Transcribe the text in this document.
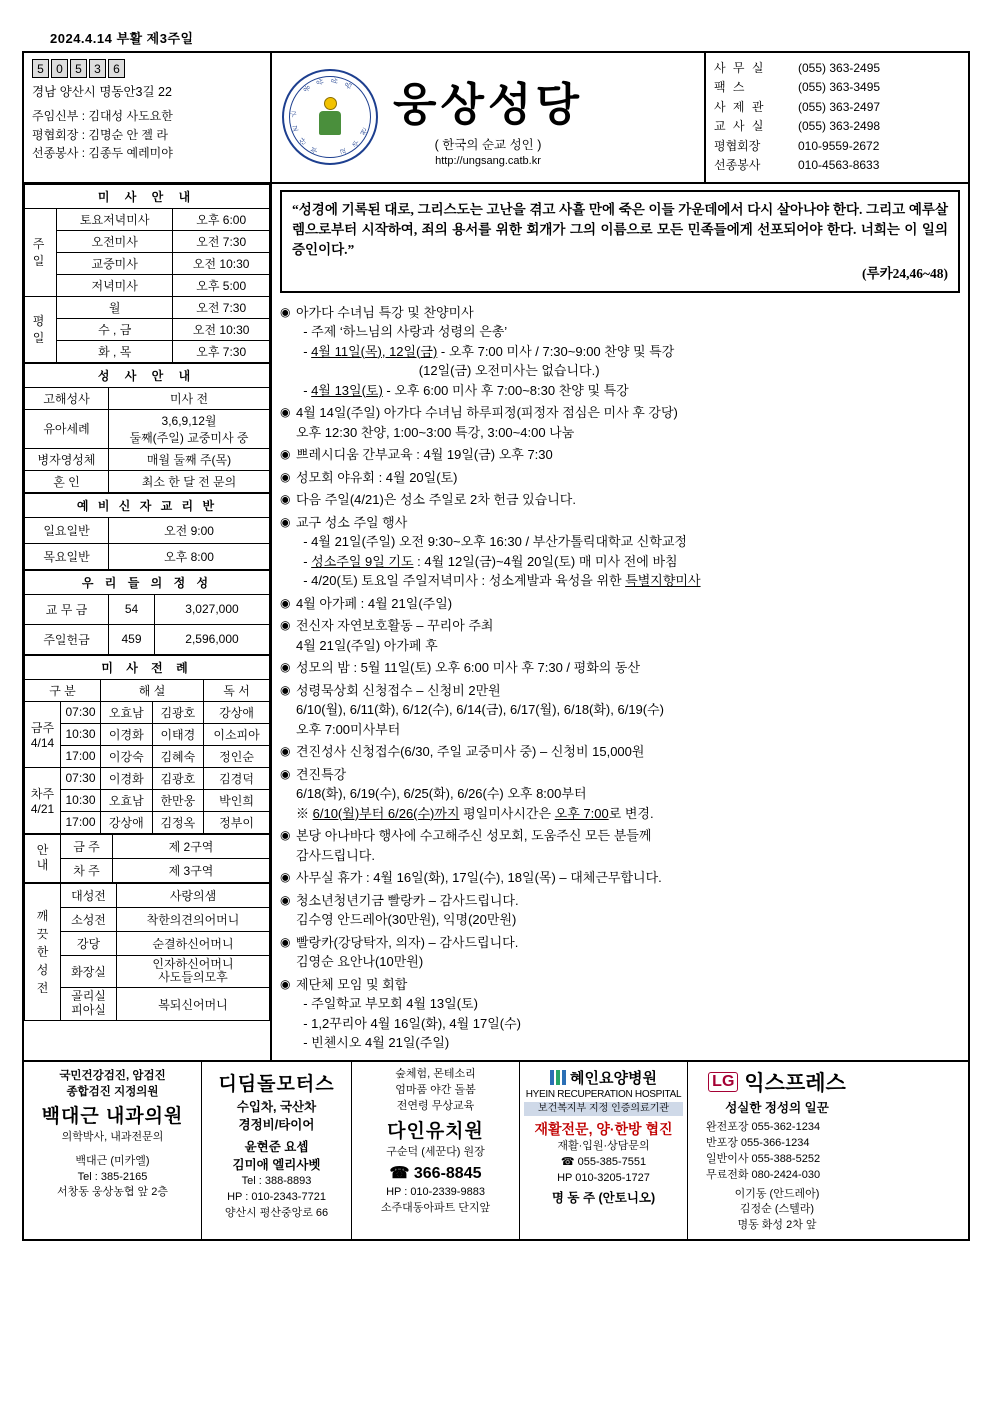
2024.4.14 부활 제3주일
5	0	5	3	6
경남 양산시 명동안3길 22
주임신부 : 김대성 사도요한
평협회장 : 김명순 안 젤 라
선종봉사 : 김종두 예레미야
천
주
교
부
산
교
구
웅
상 성 당 웅상성당
( 한국의 순교 성인 )
http://ungsang.catb.kr
사 무 실	(055) 363-2495
팩 스	(055) 363-3495
사 제 관	(055) 363-2497
교 사 실	(055) 363-2498
평협회장	010-9559-2672
선종봉사	010-4563-8633
미 사 안 내		
주 일	토요저녁미사	오후 6:00
	오전미사	오전 7:30
	교중미사	오전 10:30
	저녁미사	오후 5:00
평 일	월	오전 7:30
	수 , 금	오전 10:30
	화 , 목	오후 7:30
성 사 안 내	
고해성사	미사 전
유아세례	3,6,9,12월
둘째(주일) 교중미사 중
병자영성체	매월 둘째 주(목)
혼 인	최소 한 달 전 문의
예 비 신 자 교 리 반	
일요일반	오전 9:00
목요일반	오후 8:00
우 리 들 의 정 성		
교 무 금	54	3,027,000
주일헌금	459	2,596,000
미 사 전 례				
구 분		해 설		독 서
금주
4/14	07:30	오효남	김광호	강상애
	10:30	이경화	이태경	이소피아
	17:00	이강숙	김혜숙	정인순
차주
4/21	07:30	이경화	김광호	김경덕
	10:30	오효남	한만웅	박인희
	17:00	강상애	김정옥	정부이
안
내	금 주	제 2구역
	차 주	제 3구역
깨
끗
한
성
전	대성전	사랑의샘
	소성전	착한의견의어머니
	강당	순결하신어머니
	화장실	인자하신어머니
사도들의모후
	골리실
피아실	복되신어머니

“성경에 기록된 대로, 그리스도는 고난을 겪고 사흘 만에 죽은 이들 가운데에서 다시 살아나야 한다. 그리고 예루살렘으로부터 시작하여, 죄의 용서를 위한 회개가 그의 이름으로 모든 민족들에게 선포되어야 한다. 너희는 이 일의 증인이다.”

(루카24,46~48)

◉ 아가다 수녀님 특강 및 찬양미사
- 주제 ‘하느님의 사랑과 성령의 은총’
- 4월 11일(목), 12일(금) - 오후 7:00 미사 / 7:30~9:00 찬양 및 특강
(12일(금) 오전미사는 없습니다.)
- 4월 13일(토) - 오후 6:00 미사 후 7:00~8:30 찬양 및 특강
◉ 4월 14일(주일) 아가다 수녀님 하루피정(피정자 점심은 미사 후 강당)
오후 12:30 찬양, 1:00~3:00 특강, 3:00~4:00 나눔
◉ 쁘레시디움 간부교육 : 4월 19일(금) 오후 7:30
◉ 성모회 야유회 : 4월 20일(토)
◉ 다음 주일(4/21)은 성소 주일로 2차 헌금 있습니다.
◉ 교구 성소 주일 행사
- 4월 21일(주일) 오전 9:30~오후 16:30 / 부산가톨릭대학교 신학교정
- 성소주일 9일 기도 : 4월 12일(금)~4월 20일(토) 매 미사 전에 바침
- 4/20(토) 토요일 주일저녁미사 : 성소계발과 육성을 위한 특별지향미사
◉ 4월 아가페 : 4월 21일(주일)
◉ 전신자 자연보호활동 – 꾸리아 주최
4월 21일(주일) 아가페 후
◉ 성모의 밤 : 5월 11일(토) 오후 6:00 미사 후 7:30 / 평화의 동산
◉ 성령묵상회 신청접수 – 신청비 2만원
6/10(월), 6/11(화), 6/12(수), 6/14(금), 6/17(월), 6/18(화), 6/19(수)
오후 7:00미사부터
◉ 견진성사 신청접수(6/30, 주일 교중미사 중) – 신청비 15,000원
◉ 견진특강
6/18(화), 6/19(수), 6/25(화), 6/26(수) 오후 8:00부터
※ 6/10(월)부터 6/26(수)까지 평일미사시간은 오후 7:00로 변경.
◉ 본당 아나바다 행사에 수고해주신 성모회, 도움주신 모든 분들께
감사드립니다.
◉ 사무실 휴가 : 4월 16일(화), 17일(수), 18일(목) – 대체근무합니다.
◉ 청소년청년기금 빨랑카 – 감사드립니다.
김수영 안드레아(30만원), 익명(20만원)
◉ 빨랑카(강당탁자, 의자) – 감사드립니다.
김영순 요안나(10만원)
◉ 제단체 모임 및 회합
- 주일학교 부모회 4월 13일(토)
- 1,2꾸리아 4월 16일(화), 4월 17일(수)
- 빈첸시오 4월 21일(주일)
국민건강검진, 암검진
종합검진 지정의원
백대근 내과의원
의학박사, 내과전문의
백대근 (미카엘)
Tel : 385-2165
서창동 웅상농협 앞 2층
디딤돌모터스
수입차, 국산차
경정비/타이어
윤현준 요셉
김미애 엘리사벳
Tel : 388-8893
HP : 010-2343-7721
양산시 평산중앙로 66
숲체험, 몬테소리
엄마품 야간 돌봄
전연령 무상교육
다인유치원
구순덕 (세꾼다) 원장
☎ 366-8845
HP : 010-2339-9883
소주대동아파트 단지앞
혜인요양병원
HYEIN RECUPERATION HOSPITAL
보건복지부 지정 인증의료기관
재활전문, 양·한방 협진
재활·입원·상담문의
☎ 055-385-7551
HP 010-3205-1727
명 동 주 (안토니오)
LG 익스프레스
성실한 정성의 일꾼
완전포장 055-362-1234
반포장 055-366-1234
일반이사 055-388-5252
무료전화 080-2424-030
이기동 (안드레아)
김정순 (스텔라)
명동 화성 2차 앞
